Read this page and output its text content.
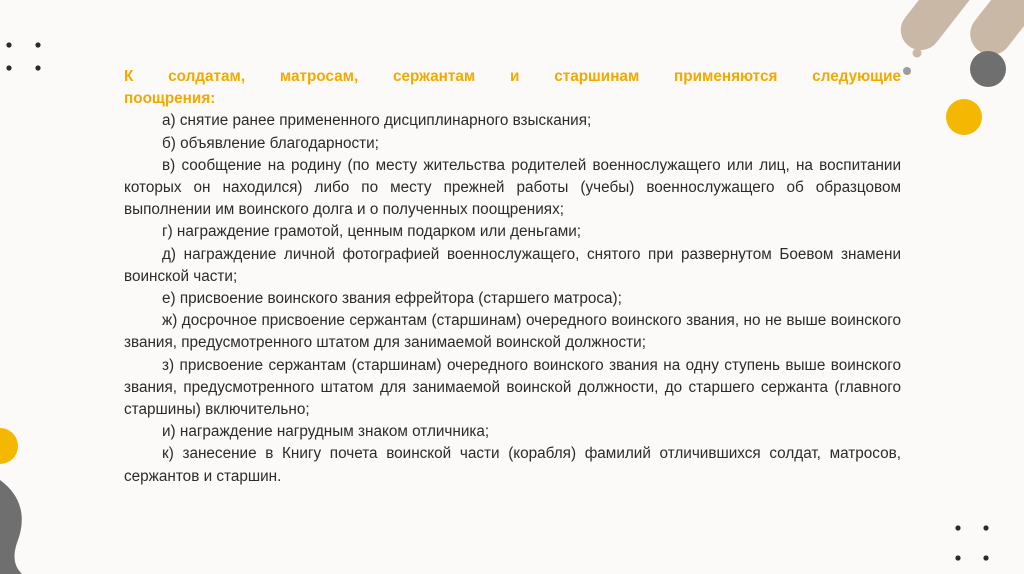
К солдатам, матросам, сержантам и старшинам применяются следующие
поощрения:

а) снятие ранее примененного дисциплинарного взыскания;

б) объявление благодарности;

в) сообщение на родину (по месту жительства родителей военнослужащего или лиц, на воспитании которых он находился) либо по месту прежней работы (учебы) военнослужащего об образцовом выполнении им воинского долга и о полученных поощрениях;

г) награждение грамотой, ценным подарком или деньгами;

д) награждение личной фотографией военнослужащего, снятого при развернутом Боевом знамени воинской части;

е) присвоение воинского звания ефрейтора (старшего матроса);

ж) досрочное присвоение сержантам (старшинам) очередного воинского звания, но не выше воинского звания, предусмотренного штатом для занимаемой воинской должности;

з) присвоение сержантам (старшинам) очередного воинского звания на одну ступень выше воинского звания, предусмотренного штатом для занимаемой воинской должности, до старшего сержанта (главного старшины) включительно;

и) награждение нагрудным знаком отличника;

к) занесение в Книгу почета воинской части (корабля) фамилий отличившихся солдат, матросов, сержантов и старшин.
